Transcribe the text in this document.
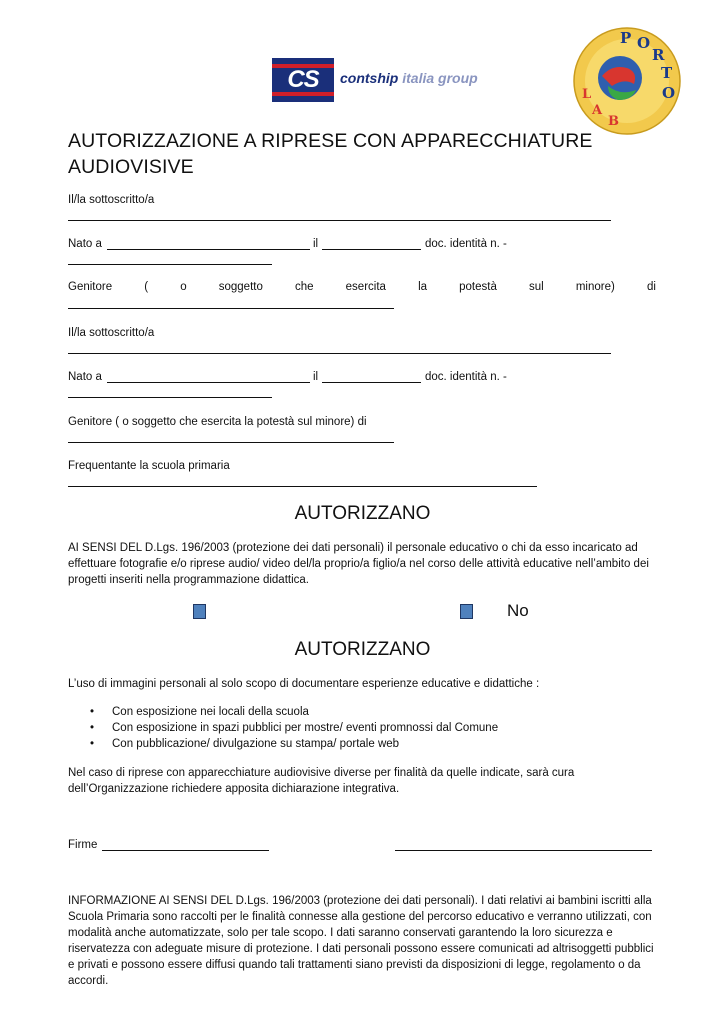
CS	contship italia group
P O
R
T
O
L
A
B
AUTORIZZAZIONE A RIPRESE CON APPARECCHIATURE AUDIOVISIVE
Il/la sottoscritto/a
Nato a	il	doc. identità n. -
Genitore	(	o	soggetto	che	esercita	la	potestà	sul	minore)	di
Il/la sottoscritto/a
Nato a	il	doc. identità n. -
Genitore ( o soggetto che esercita la potestà sul minore) di
Frequentante la scuola primaria
AUTORIZZANO
AI SENSI DEL D.Lgs. 196/2003 (protezione dei dati personali) il personale educativo o chi da esso incaricato ad effettuare fotografie e/o riprese audio/ video del/la proprio/a figlio/a nel corso delle attività educative nell’ambito dei progetti inseriti nella programmazione didattica.
No
AUTORIZZANO
L’uso di immagini personali al solo scopo di documentare esperienze educative e didattiche :
• Con esposizione nei locali della scuola
• Con esposizione in spazi pubblici per mostre/ eventi promnossi dal Comune
• Con pubblicazione/ divulgazione su stampa/ portale web
Nel caso di riprese con apparecchiature audiovisive diverse per finalità da quelle indicate, sarà cura dell’Organizzazione richiedere apposita dichiarazione integrativa.
Firme
INFORMAZIONE AI SENSI DEL D.Lgs. 196/2003 (protezione dei dati personali). I dati relativi ai bambini iscritti alla Scuola Primaria sono raccolti per le finalità connesse alla gestione del percorso educativo e verranno utilizzati, con modalità anche automatizzate, solo per tale scopo. I dati saranno conservati garantendo la loro sicurezza e riservatezza con adeguate misure di protezione. I dati personali possono essere comunicati ad altrisoggetti pubblici e privati e possono essere diffusi quando tali trattamenti siano previsti da disposizioni di legge, regolamento o da accordi.
